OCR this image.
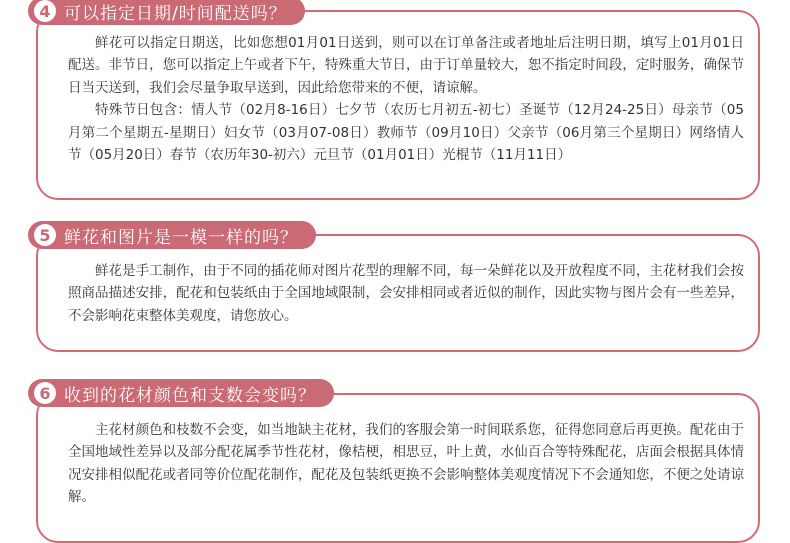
4 可以指定日期/时间配送吗？

鲜花可以指定日期送，比如您想01月01日送到，则可以在订单备注或者地址后注明日期，填写上01月01日配送。非节日，您可以指定上午或者下午，特殊重大节日，由于订单量较大，恕不指定时间段，定时服务，确保节日当天送到，我们会尽量争取早送到，因此给您带来的不便，请谅解。

特殊节日包含：情人节（02月8-16日）七夕节（农历七月初五-初七）圣诞节（12月24-25日）母亲节（05月第二个星期五-星期日）妇女节（03月07-08日）教师节（09月10日）父亲节（06月第三个星期日）网络情人节（05月20日）春节（农历年30-初六）元旦节（01月01日）光棍节（11月11日）

5 鲜花和图片是一模一样的吗？

鲜花是手工制作，由于不同的插花师对图片花型的理解不同，每一朵鲜花以及开放程度不同，主花材我们会按照商品描述安排，配花和包装纸由于全国地域限制，会安排相同或者近似的制作，因此实物与图片会有一些差异，不会影响花束整体美观度，请您放心。

6 收到的花材颜色和支数会变吗？

主花材颜色和枝数不会变，如当地缺主花材，我们的客服会第一时间联系您，征得您同意后再更换。配花由于全国地域性差异以及部分配花属季节性花材，像桔梗，相思豆，叶上黄，水仙百合等特殊配花，店面会根据具体情况安排相似配花或者同等价位配花制作，配花及包装纸更换不会影响整体美观度情况下不会通知您，不便之处请谅解。
